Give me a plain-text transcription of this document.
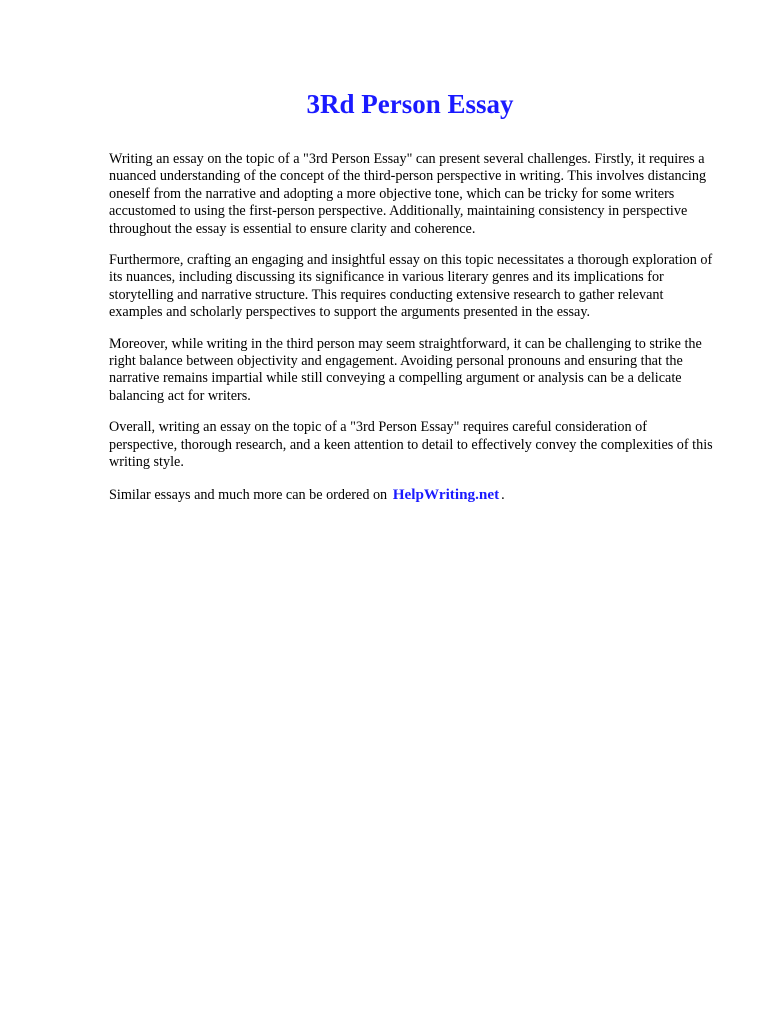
3Rd Person Essay

Writing an essay on the topic of a "3rd Person Essay" can present several challenges. Firstly, it requires a nuanced understanding of the concept of the third-person perspective in writing. This involves distancing oneself from the narrative and adopting a more objective tone, which can be tricky for some writers accustomed to using the first-person perspective. Additionally, maintaining consistency in perspective throughout the essay is essential to ensure clarity and coherence.

Furthermore, crafting an engaging and insightful essay on this topic necessitates a thorough exploration of its nuances, including discussing its significance in various literary genres and its implications for storytelling and narrative structure. This requires conducting extensive research to gather relevant examples and scholarly perspectives to support the arguments presented in the essay.

Moreover, while writing in the third person may seem straightforward, it can be challenging to strike the right balance between objectivity and engagement. Avoiding personal pronouns and ensuring that the narrative remains impartial while still conveying a compelling argument or analysis can be a delicate balancing act for writers.

Overall, writing an essay on the topic of a "3rd Person Essay" requires careful consideration of perspective, thorough research, and a keen attention to detail to effectively convey the complexities of this writing style.

Similar essays and much more can be ordered on HelpWriting.net .
